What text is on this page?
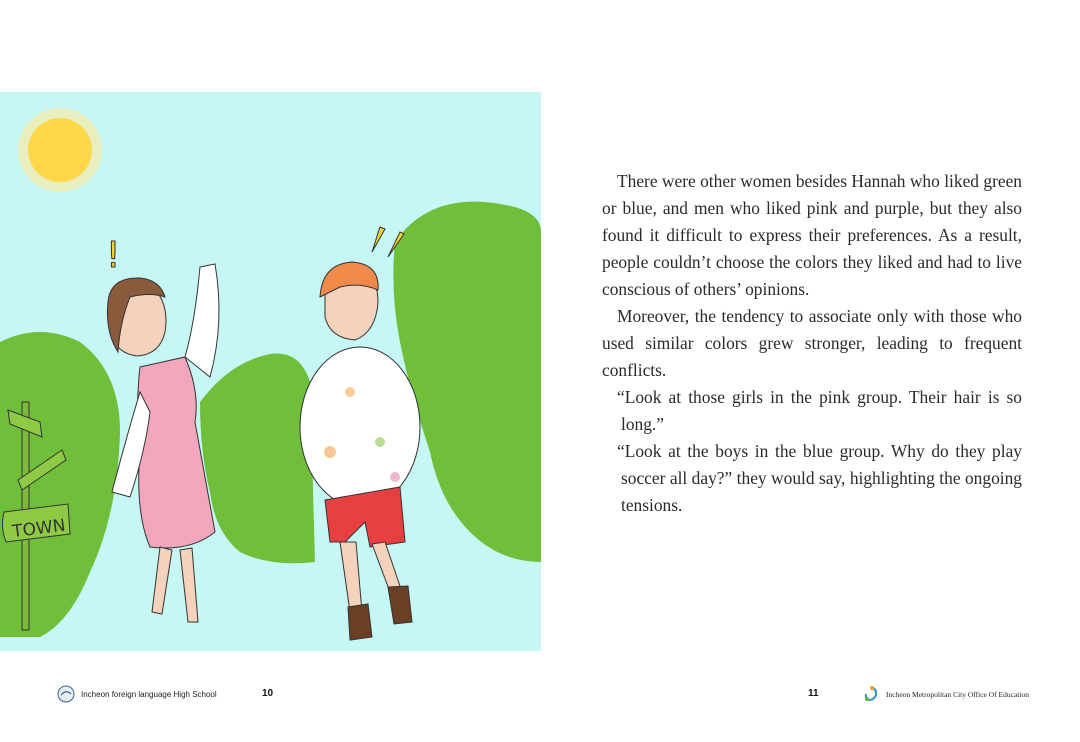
TOWN
!

There were other women besides Hannah who liked green or blue, and men who liked pink and purple, but they also found it difficult to express their preferences. As a result, people couldn’t choose the colors they liked and had to live conscious of others’ opinions.

Moreover, the tendency to associate only with those who used similar colors grew stronger, leading to frequent conflicts.

“Look at those girls in the pink group. Their hair is so long.”

“Look at the boys in the blue group. Why do they play soccer all day?” they would say, highlighting the ongoing tensions.

Incheon foreign language High School	10	11	Incheon Metropolitan City Office Of Education
